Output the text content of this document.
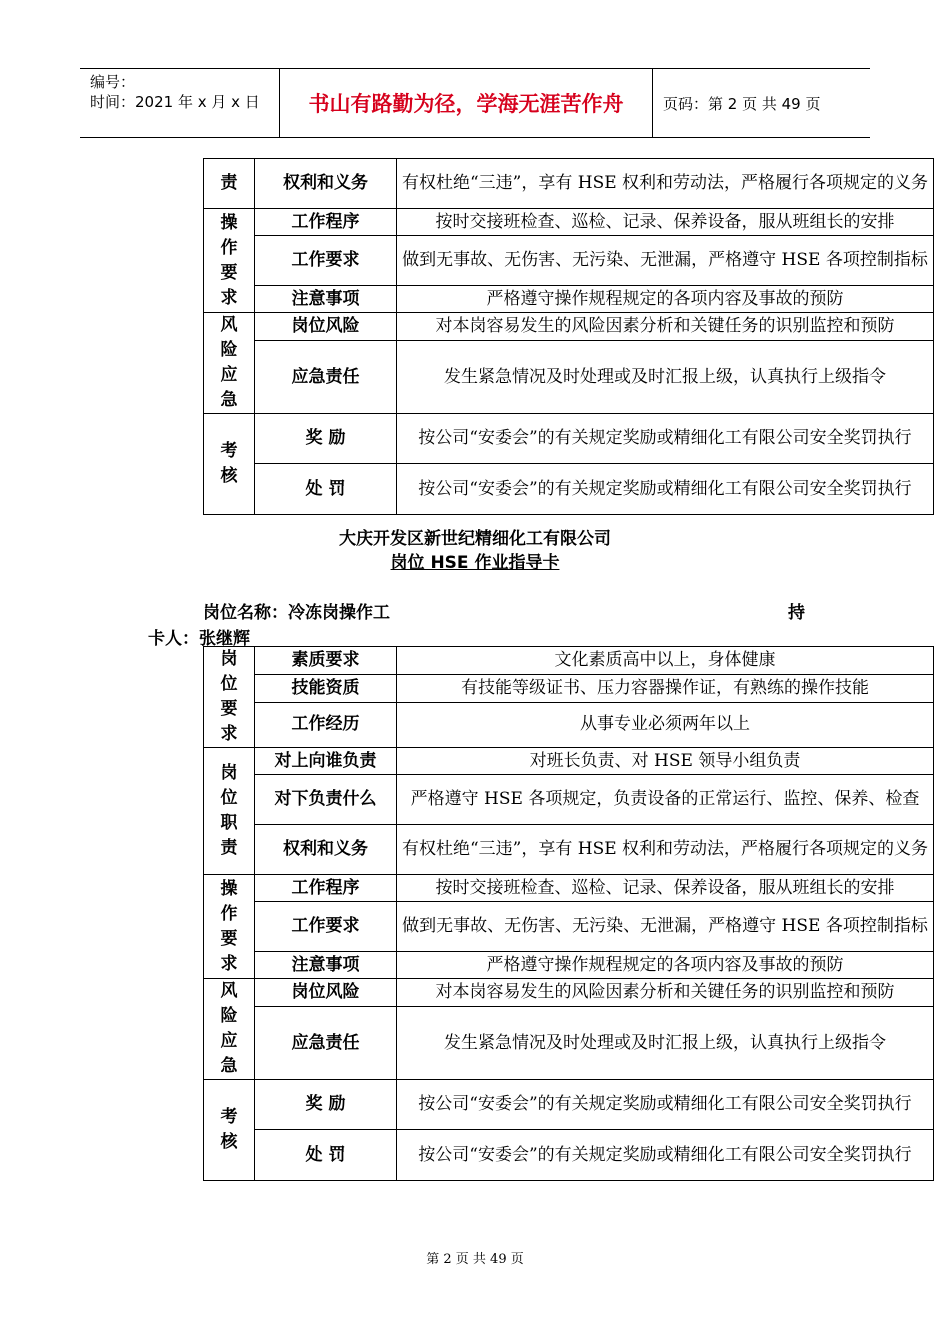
编号：
时间：2021 年 x 月 x 日	书山有路勤为径，学海无涯苦作舟	页码：第 2 页 共 49 页
责	权利和义务	有权杜绝“三违”，享有 HSE 权利和劳动法，严格履行各项规定的义务

操
作
要
求	工作程序	按时交接班检查、巡检、记录、保养设备，服从班组长的安排
	工作要求	做到无事故、无伤害、无污染、无泄漏，严格遵守 HSE 各项控制指标
	注意事项	严格遵守操作规程规定的各项内容及事故的预防

风
险
应
急	岗位风险	对本岗容易发生的风险因素分析和关键任务的识别监控和预防
	应急责任	发生紧急情况及时处理或及时汇报上级，认真执行上级指令

考
核	奖 励	按公司“安委会”的有关规定奖励或精细化工有限公司安全奖罚执行
	处 罚	按公司“安委会”的有关规定奖励或精细化工有限公司安全奖罚执行
大庆开发区新世纪精细化工有限公司
岗位 HSE 作业指导卡
岗位名称：冷冻岗操作工	持
卡人：张继辉
岗
位
要
求	素质要求	文化素质高中以上，身体健康
	技能资质	有技能等级证书、压力容器操作证，有熟练的操作技能
	工作经历	从事专业必须两年以上

岗
位
职
责	对上向谁负责	对班长负责、对 HSE 领导小组负责
	对下负责什么	严格遵守 HSE 各项规定，负责设备的正常运行、监控、保养、检查
	权利和义务	有权杜绝“三违”，享有 HSE 权利和劳动法，严格履行各项规定的义务

操
作
要
求	工作程序	按时交接班检查、巡检、记录、保养设备，服从班组长的安排
	工作要求	做到无事故、无伤害、无污染、无泄漏，严格遵守 HSE 各项控制指标
	注意事项	严格遵守操作规程规定的各项内容及事故的预防

风
险
应
急	岗位风险	对本岗容易发生的风险因素分析和关键任务的识别监控和预防
	应急责任	发生紧急情况及时处理或及时汇报上级，认真执行上级指令

考
核	奖 励	按公司“安委会”的有关规定奖励或精细化工有限公司安全奖罚执行
	处 罚	按公司“安委会”的有关规定奖励或精细化工有限公司安全奖罚执行
第 2 页 共 49 页
